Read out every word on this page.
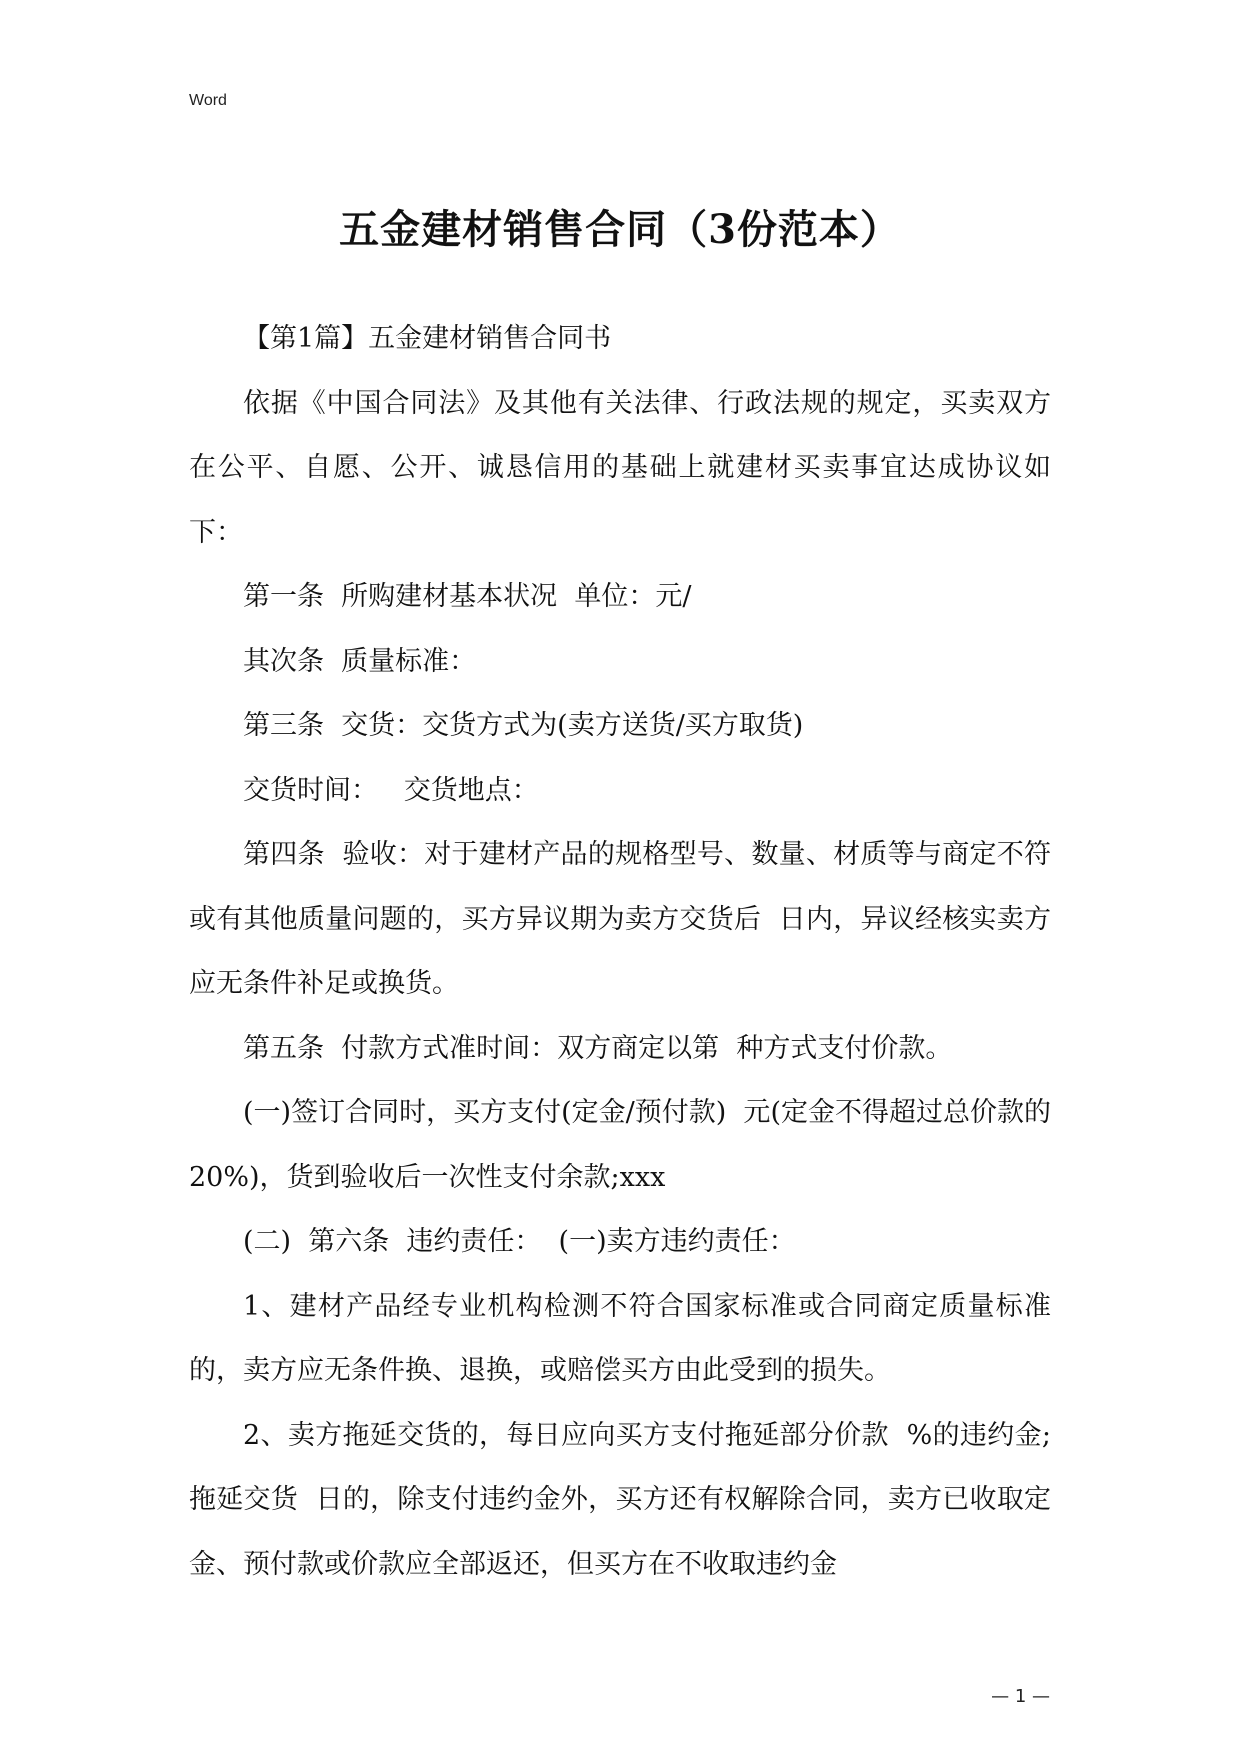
Word
五金建材销售合同（3份范本）

【第1篇】五金建材销售合同书

依据《中国合同法》及其他有关法律、行政法规的规定，买卖双方在公平、自愿、公开、诚恳信用的基础上就建材买卖事宜达成协议如下：

第一条  所购建材基本状况  单位：元/

其次条  质量标准：

第三条  交货：交货方式为(卖方送货/买方取货)

交货时间：   交货地点：

第四条  验收：对于建材产品的规格型号、数量、材质等与商定不符或有其他质量问题的，买方异议期为卖方交货后  日内，异议经核实卖方应无条件补足或换货。

第五条  付款方式准时间：双方商定以第  种方式支付价款。

(一)签订合同时，买方支付(定金/预付款)  元(定金不得超过总价款的20%)，货到验收后一次性支付余款;xxx

(二)  第六条  违约责任：  (一)卖方违约责任：

1、建材产品经专业机构检测不符合国家标准或合同商定质量标准的，卖方应无条件换、退换，或赔偿买方由此受到的损失。

2、卖方拖延交货的，每日应向买方支付拖延部分价款  %的违约金;拖延交货  日的，除支付违约金外，买方还有权解除合同，卖方已收取定金、预付款或价款应全部返还，但买方在不收取违约金

— 1 —
